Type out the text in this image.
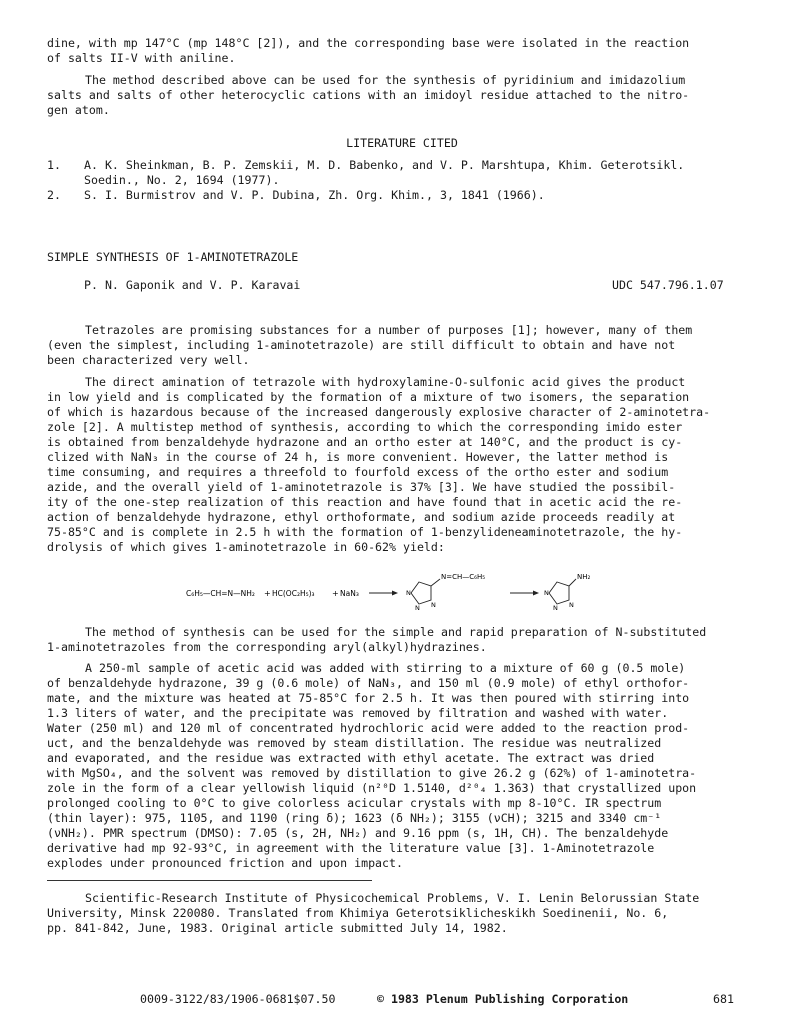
dine, with mp 147°C (mp 148°C [2]), and the corresponding base were isolated in the reaction
of salts II-V with aniline.

The method described above can be used for the synthesis of pyridinium and imidazolium
salts and salts of other heterocyclic cations with an imidoyl residue attached to the nitro-
gen atom.

LITERATURE CITED

1. A. K. Sheinkman, B. P. Zemskii, M. D. Babenko, and V. P. Marshtupa, Khim. Geterotsikl.
Soedin., No. 2, 1694 (1977).

2. S. I. Burmistrov and V. P. Dubina, Zh. Org. Khim., 3, 1841 (1966).

SIMPLE SYNTHESIS OF 1-AMINOTETRAZOLE
P. N. Gaponik and V. P. Karavai	UDC 547.796.1.07

Tetrazoles are promising substances for a number of purposes [1]; however, many of them
(even the simplest, including 1-aminotetrazole) are still difficult to obtain and have not
been characterized very well.

The direct amination of tetrazole with hydroxylamine-O-sulfonic acid gives the product
in low yield and is complicated by the formation of a mixture of two isomers, the separation
of which is hazardous because of the increased dangerously explosive character of 2-aminotetra-
zole [2]. A multistep method of synthesis, according to which the corresponding imido ester
is obtained from benzaldehyde hydrazone and an ortho ester at 140°C, and the product is cy-
clized with NaN₃ in the course of 24 h, is more convenient. However, the latter method is
time consuming, and requires a threefold to fourfold excess of the ortho ester and sodium
azide, and the overall yield of 1-aminotetrazole is 37% [3]. We have studied the possibil-
ity of the one-step realization of this reaction and have found that in acetic acid the re-
action of benzaldehyde hydrazone, ethyl orthoformate, and sodium azide proceeds readily at
75-85°C and is complete in 2.5 h with the formation of 1-benzylideneaminotetrazole, the hy-
drolysis of which gives 1-aminotetrazole in 60-62% yield:

C₆H₅—CH=N—NH₂ + HC(OC₂H₅)₃ + NaN₃	N
N N
N=CH—C₆H₅
N
N N
NH₂

The method of synthesis can be used for the simple and rapid preparation of N-substituted
1-aminotetrazoles from the corresponding aryl(alkyl)hydrazines.

A 250-ml sample of acetic acid was added with stirring to a mixture of 60 g (0.5 mole)
of benzaldehyde hydrazone, 39 g (0.6 mole) of NaN₃, and 150 ml (0.9 mole) of ethyl orthofor-
mate, and the mixture was heated at 75-85°C for 2.5 h. It was then poured with stirring into
1.3 liters of water, and the precipitate was removed by filtration and washed with water.
Water (250 ml) and 120 ml of concentrated hydrochloric acid were added to the reaction prod-
uct, and the benzaldehyde was removed by steam distillation. The residue was neutralized
and evaporated, and the residue was extracted with ethyl acetate. The extract was dried
with MgSO₄, and the solvent was removed by distillation to give 26.2 g (62%) of 1-aminotetra-
zole in the form of a clear yellowish liquid (n²⁰D 1.5140, d²⁰₄ 1.363) that crystallized upon
prolonged cooling to 0°C to give colorless acicular crystals with mp 8-10°C. IR spectrum
(thin layer): 975, 1105, and 1190 (ring δ); 1623 (δ NH₂); 3155 (νCH); 3215 and 3340 cm⁻¹
(νNH₂). PMR spectrum (DMSO): 7.05 (s, 2H, NH₂) and 9.16 ppm (s, 1H, CH). The benzaldehyde
derivative had mp 92-93°C, in agreement with the literature value [3]. 1-Aminotetrazole
explodes under pronounced friction and upon impact.

Scientific-Research Institute of Physicochemical Problems, V. I. Lenin Belorussian State
University, Minsk 220080. Translated from Khimiya Geterotsiklicheskikh Soedinenii, No. 6,
pp. 841-842, June, 1983. Original article submitted July 14, 1982.

0009-3122/83/1906-0681$07.50	© 1983 Plenum Publishing Corporation	681
